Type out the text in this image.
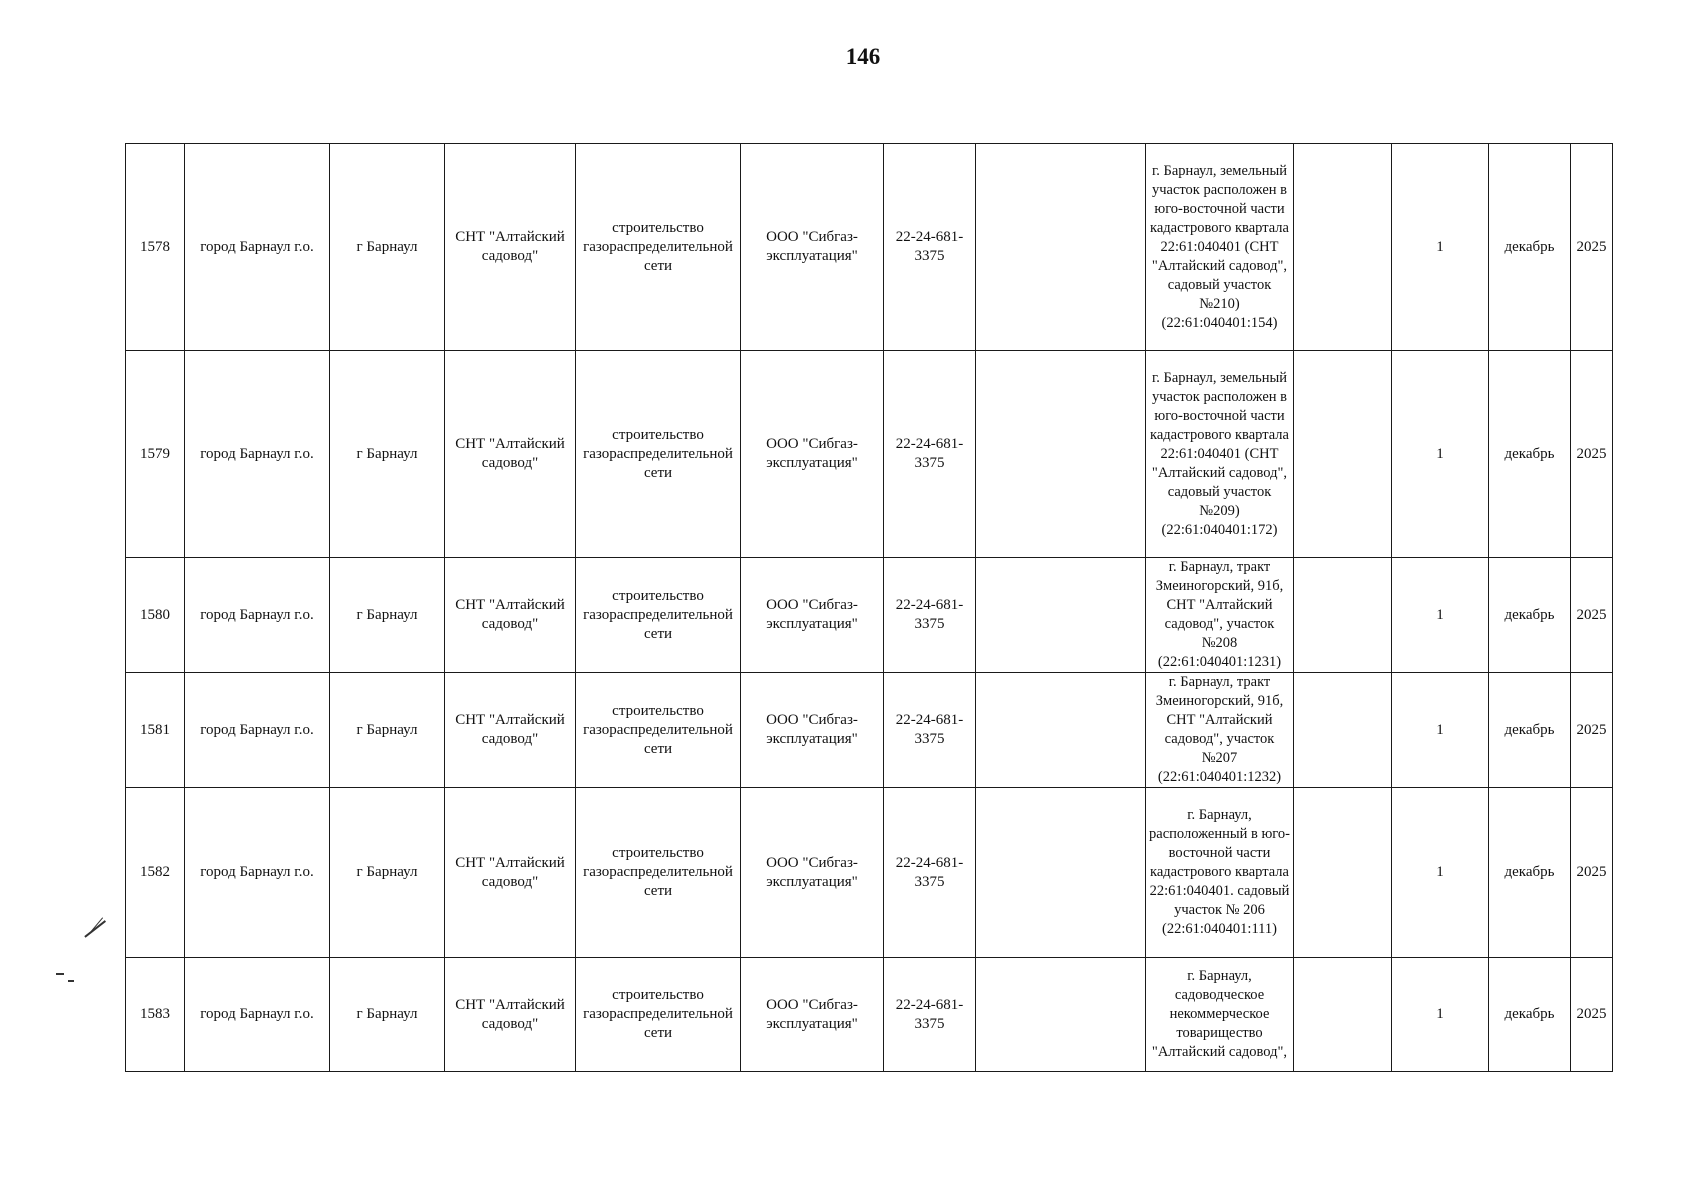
146
1578	город Барнаул г.о.	г Барнаул	СНТ "Алтайский садовод"	строительство газораспределительной сети	ООО "Сибгаз-эксплуатация"	22-24-681-3375		г. Барнаул, земельный участок расположен в юго-восточной части кадастрового квартала 22:61:040401 (СНТ "Алтайский садовод", садовый участок №210) (22:61:040401:154)		1	декабрь	2025
1579	город Барнаул г.о.	г Барнаул	СНТ "Алтайский садовод"	строительство газораспределительной сети	ООО "Сибгаз-эксплуатация"	22-24-681-3375		г. Барнаул, земельный участок расположен в юго-восточной части кадастрового квартала 22:61:040401 (СНТ "Алтайский садовод", садовый участок №209) (22:61:040401:172)		1	декабрь	2025
1580	город Барнаул г.о.	г Барнаул	СНТ "Алтайский садовод"	строительство газораспределительной сети	ООО "Сибгаз-эксплуатация"	22-24-681-3375		г. Барнаул, тракт Змеиногорский, 91б, СНТ "Алтайский садовод", участок №208 (22:61:040401:1231)		1	декабрь	2025
1581	город Барнаул г.о.	г Барнаул	СНТ "Алтайский садовод"	строительство газораспределительной сети	ООО "Сибгаз-эксплуатация"	22-24-681-3375		г. Барнаул, тракт Змеиногорский, 91б, СНТ "Алтайский садовод", участок №207 (22:61:040401:1232)		1	декабрь	2025
1582	город Барнаул г.о.	г Барнаул	СНТ "Алтайский садовод"	строительство газораспределительной сети	ООО "Сибгаз-эксплуатация"	22-24-681-3375		г. Барнаул, расположенный в юго-восточной части кадастрового квартала 22:61:040401. садовый участок № 206 (22:61:040401:111)		1	декабрь	2025
1583	город Барнаул г.о.	г Барнаул	СНТ "Алтайский садовод"	строительство газораспределительной сети	ООО "Сибгаз-эксплуатация"	22-24-681-3375		г. Барнаул, садоводческое некоммерческое товарищество "Алтайский садовод",		1	декабрь	2025
